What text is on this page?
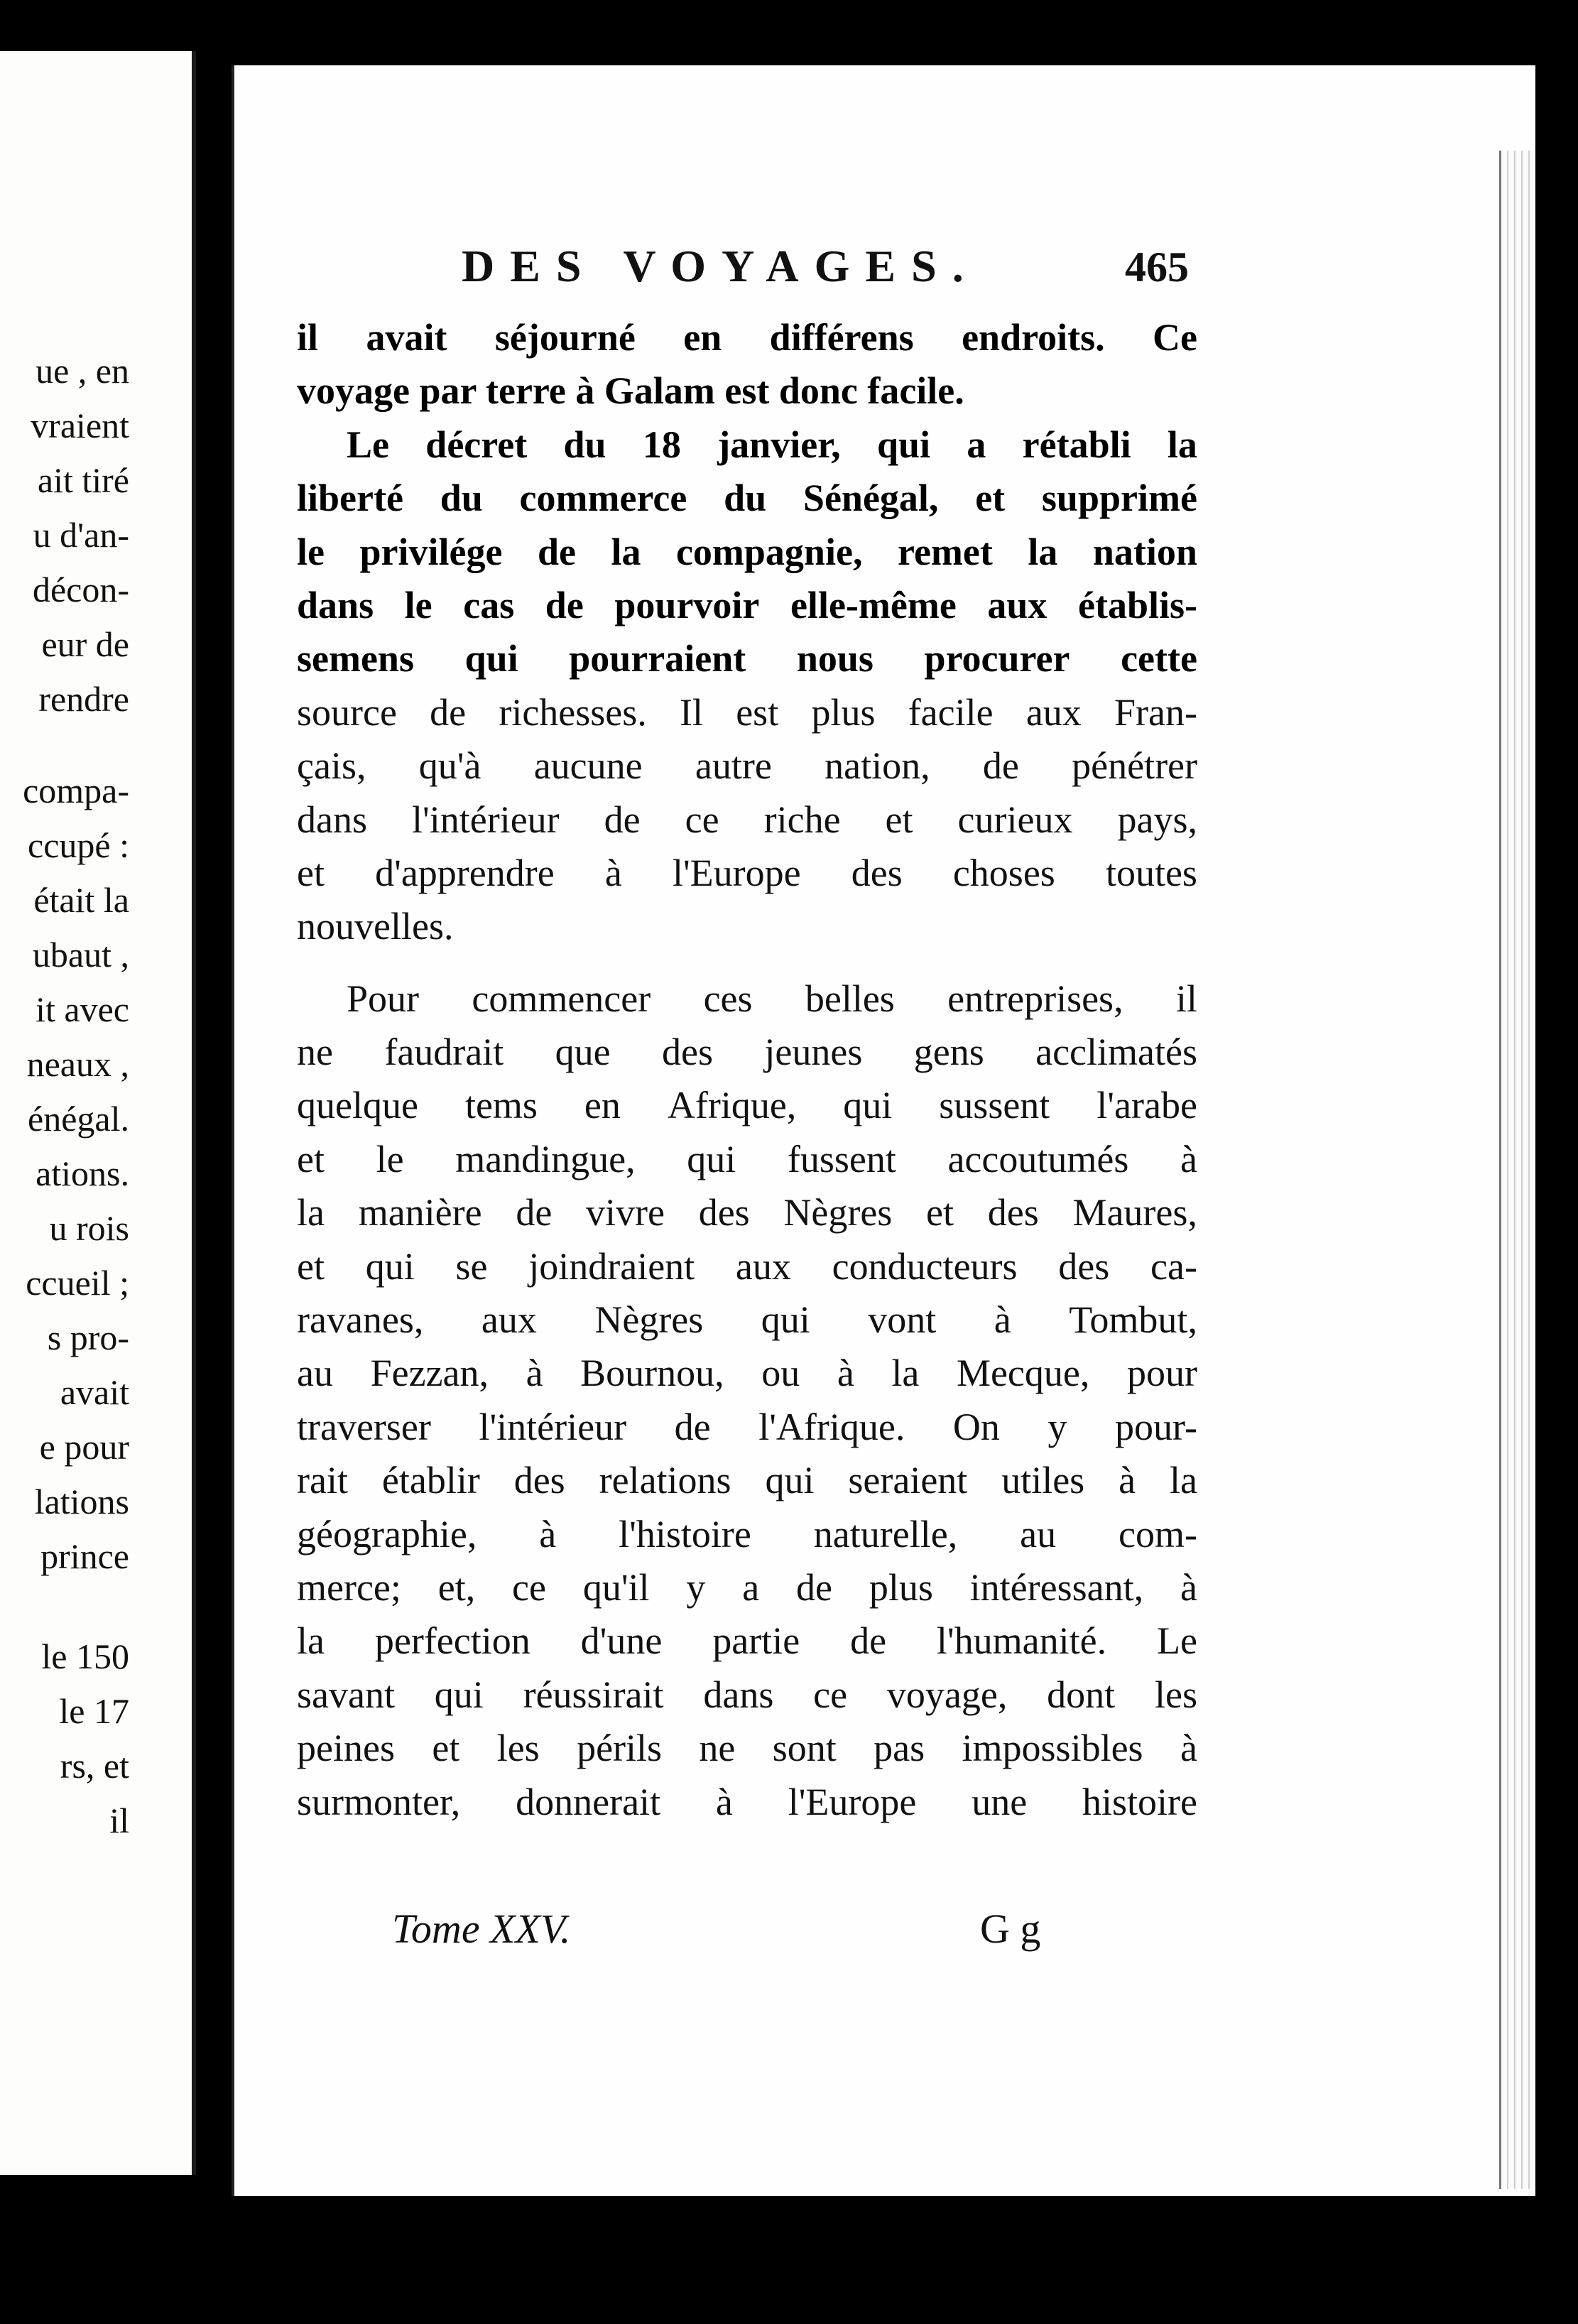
ue , en
vraient
ait tiré
u d'an-
décon-
eur de
rendre
compa-
ccupé :
était la
ubaut ,
it avec
neaux ,
énégal.
ations.
u rois
ccueil ;
s pro-
avait
e pour
lations
prince
le 150
le 17
rs, et
il
DES VOYAGES.	465
il avait séjourné en différens endroits. Ce
voyage par terre à Galam est donc facile.
Le décret du 18 janvier, qui a rétabli la
liberté du commerce du Sénégal, et supprimé
le privilége de la compagnie, remet la nation
dans le cas de pourvoir elle-même aux établis-
semens qui pourraient nous procurer cette
source de richesses. Il est plus facile aux Fran-
çais, qu'à aucune autre nation, de pénétrer
dans l'intérieur de ce riche et curieux pays,
et d'apprendre à l'Europe des choses toutes
nouvelles.
Pour commencer ces belles entreprises, il
ne faudrait que des jeunes gens acclimatés
quelque tems en Afrique, qui sussent l'arabe
et le mandingue, qui fussent accoutumés à
la manière de vivre des Nègres et des Maures,
et qui se joindraient aux conducteurs des ca-
ravanes, aux Nègres qui vont à Tombut,
au Fezzan, à Bournou, ou à la Mecque, pour
traverser l'intérieur de l'Afrique. On y pour-
rait établir des relations qui seraient utiles à la
géographie, à l'histoire naturelle, au com-
merce; et, ce qu'il y a de plus intéressant, à
la perfection d'une partie de l'humanité. Le
savant qui réussirait dans ce voyage, dont les
peines et les périls ne sont pas impossibles à
surmonter, donnerait à l'Europe une histoire
Tome XXV.	G g
